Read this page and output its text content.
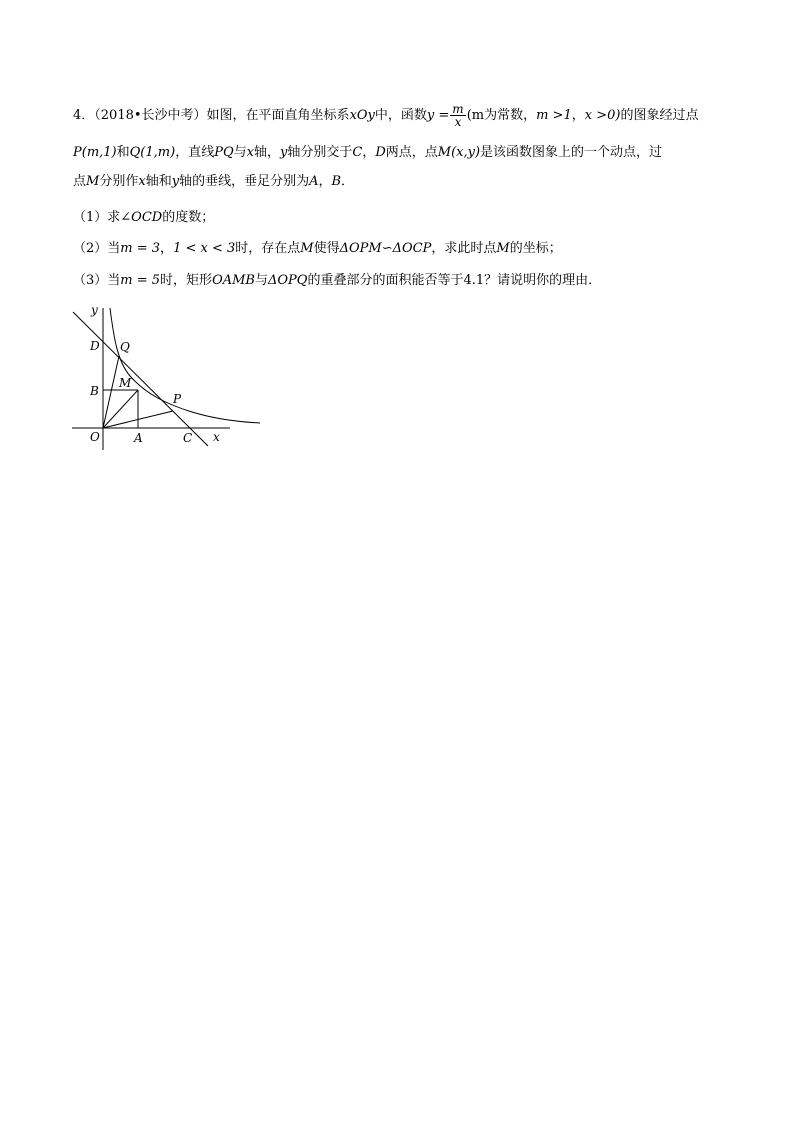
4．（2018•长沙中考）如图，在平面直角坐标系xOy中，函数$y = \frac{m}{x} (m$为常数，m >1，x >0)的图象经过点
P(m,1)和Q(1,m)，直线PQ与x轴，y轴分别交于C，D两点，点M(x,y)是该函数图象上的一个动点，过
点M分别作x轴和y轴的垂线，垂足分别为A，B．
（1）求∠OCD的度数；
（2）当m = 3，1 < x < 3时，存在点M使得ΔOPM∽ΔOCP，求此时点M的坐标；
（3）当m = 5时，矩形OAMB与ΔOPQ的重叠部分的面积能否等于4.1？请说明你的理由．
y
x
O	A
B
C
D
M
P
Q
